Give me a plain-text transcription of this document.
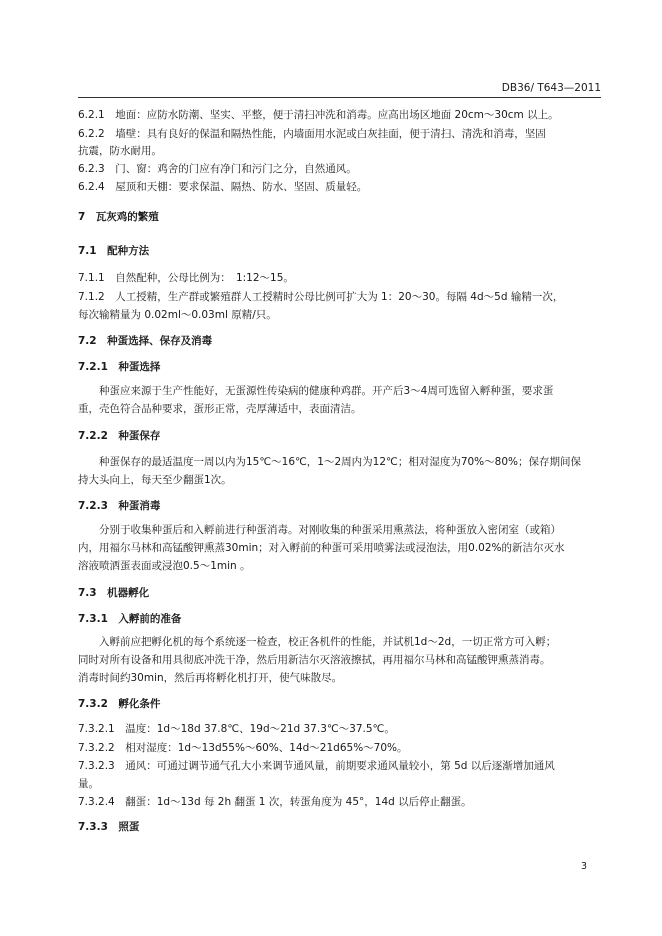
DB36/ T643—2011
6.2.1　地面：应防水防潮、坚实、平整，便于清扫冲洗和消毒。应高出场区地面 20cm～30cm 以上。
6.2.2　墙壁：具有良好的保温和隔热性能，内墙面用水泥或白灰挂面，便于清扫、清洗和消毒，坚固
抗震，防水耐用。
6.2.3　门、窗：鸡舍的门应有净门和污门之分，自然通风。
6.2.4　屋顶和天棚：要求保温、隔热、防水、坚固、质量轻。
7　瓦灰鸡的繁殖
7.1　配种方法
7.1.1　自然配种，公母比例为：　1:12～15。
7.1.2　人工授精，生产群或繁殖群人工授精时公母比例可扩大为 1：20～30。每隔 4d～5d 输精一次，
每次输精量为 0.02ml～0.03ml 原精/只。
7.2　种蛋选择、保存及消毒
7.2.1　种蛋选择
　　种蛋应来源于生产性能好，无蛋源性传染病的健康种鸡群。开产后3～4周可选留入孵种蛋，要求蛋
重，壳色符合品种要求，蛋形正常，壳厚薄适中，表面清洁。
7.2.2　种蛋保存
　　种蛋保存的最适温度一周以内为15℃～16℃，1～2周内为12℃；相对湿度为70%～80%；保存期间保
持大头向上，每天至少翻蛋1次。
7.2.3　种蛋消毒
　　分别于收集种蛋后和入孵前进行种蛋消毒。对刚收集的种蛋采用熏蒸法，将种蛋放入密闭室（或箱）
内，用福尔马林和高锰酸钾熏蒸30min；对入孵前的种蛋可采用喷雾法或浸泡法，用0.02%的新洁尔灭水
溶液喷洒蛋表面或浸泡0.5～1min 。
7.3　机器孵化
7.3.1　入孵前的准备
　　入孵前应把孵化机的每个系统逐一检查，校正各机件的性能，并试机1d～2d，一切正常方可入孵；
同时对所有设备和用具彻底冲洗干净，然后用新洁尔灭溶液擦拭，再用福尔马林和高锰酸钾熏蒸消毒。
消毒时间约30min，然后再将孵化机打开，使气味散尽。
7.3.2　孵化条件
7.3.2.1　温度：1d～18d 37.8℃、19d～21d 37.3℃～37.5℃。
7.3.2.2　相对湿度：1d～13d55%～60%、14d～21d65%～70%。
7.3.2.3　通风：可通过调节通气孔大小来调节通风量，前期要求通风量较小，第 5d 以后逐渐增加通风
量。
7.3.2.4　翻蛋：1d～13d 每 2h 翻蛋 1 次，转蛋角度为 45°，14d 以后停止翻蛋。
7.3.3　照蛋
3
